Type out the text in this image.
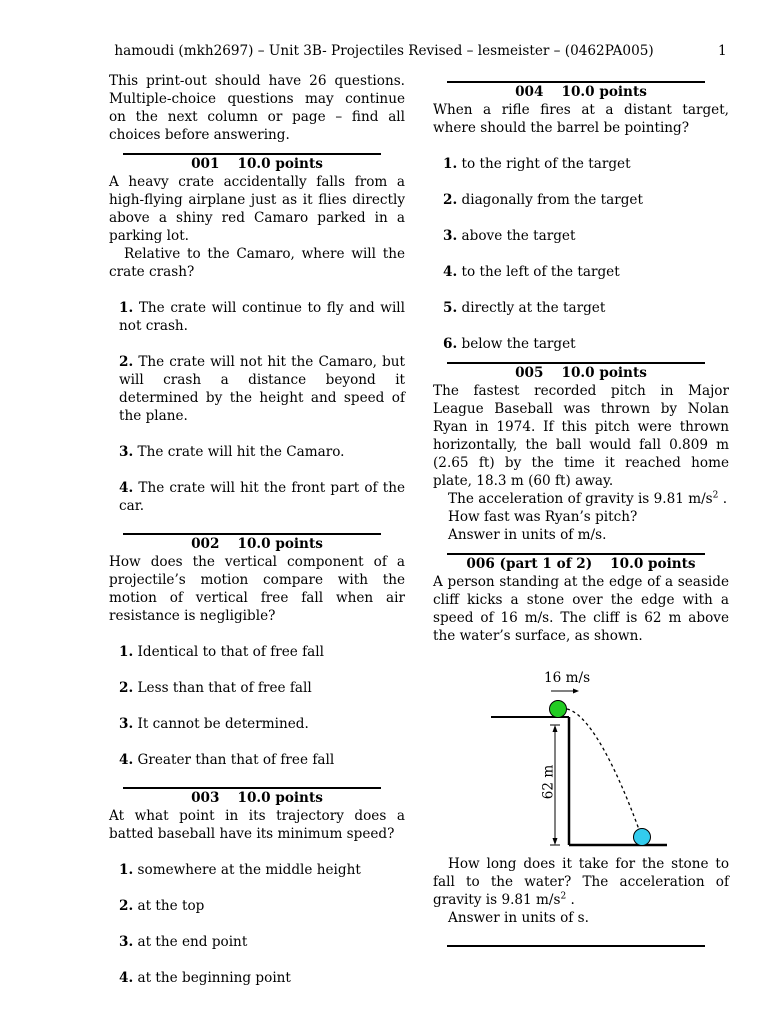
hamoudi (mkh2697) – Unit 3B- Projectiles Revised – lesmeister – (0462PA005)	1

This print-out should have 26 questions. Multiple-choice questions may continue on the next column or page – find all choices before answering.

001 10.0 points

A heavy crate accidentally falls from a high-flying airplane just as it flies directly above a shiny red Camaro parked in a parking lot.

Relative to the Camaro, where will the crate crash?

1. The crate will continue to fly and will not crash.
2. The crate will not hit the Camaro, but will crash a distance beyond it determined by the height and speed of the plane.
3. The crate will hit the Camaro.
4. The crate will hit the front part of the car.
002 10.0 points

How does the vertical component of a projectile’s motion compare with the motion of vertical free fall when air resistance is negligible?

1. Identical to that of free fall
2. Less than that of free fall
3. It cannot be determined.
4. Greater than that of free fall
003 10.0 points

At what point in its trajectory does a batted baseball have its minimum speed?

1. somewhere at the middle height
2. at the top
3. at the end point
4. at the beginning point
004 10.0 points

When a rifle fires at a distant target, where should the barrel be pointing?

1. to the right of the target
2. diagonally from the target
3. above the target
4. to the left of the target
5. directly at the target
6. below the target
005 10.0 points

The fastest recorded pitch in Major League Baseball was thrown by Nolan Ryan in 1974. If this pitch were thrown horizontally, the ball would fall 0.809 m (2.65 ft) by the time it reached home plate, 18.3 m (60 ft) away.

The acceleration of gravity is 9.81 $m/s^2$ .

How fast was Ryan’s pitch?

Answer in units of m/s.

006 (part 1 of 2) 10.0 points

A person standing at the edge of a seaside cliff kicks a stone over the edge with a speed of 16 m/s. The cliff is 62 m above the water’s surface, as shown.

16 m/s
62 m

How long does it take for the stone to fall to the water? The acceleration of gravity is 9.81 $m/s^2$ .

Answer in units of s.
